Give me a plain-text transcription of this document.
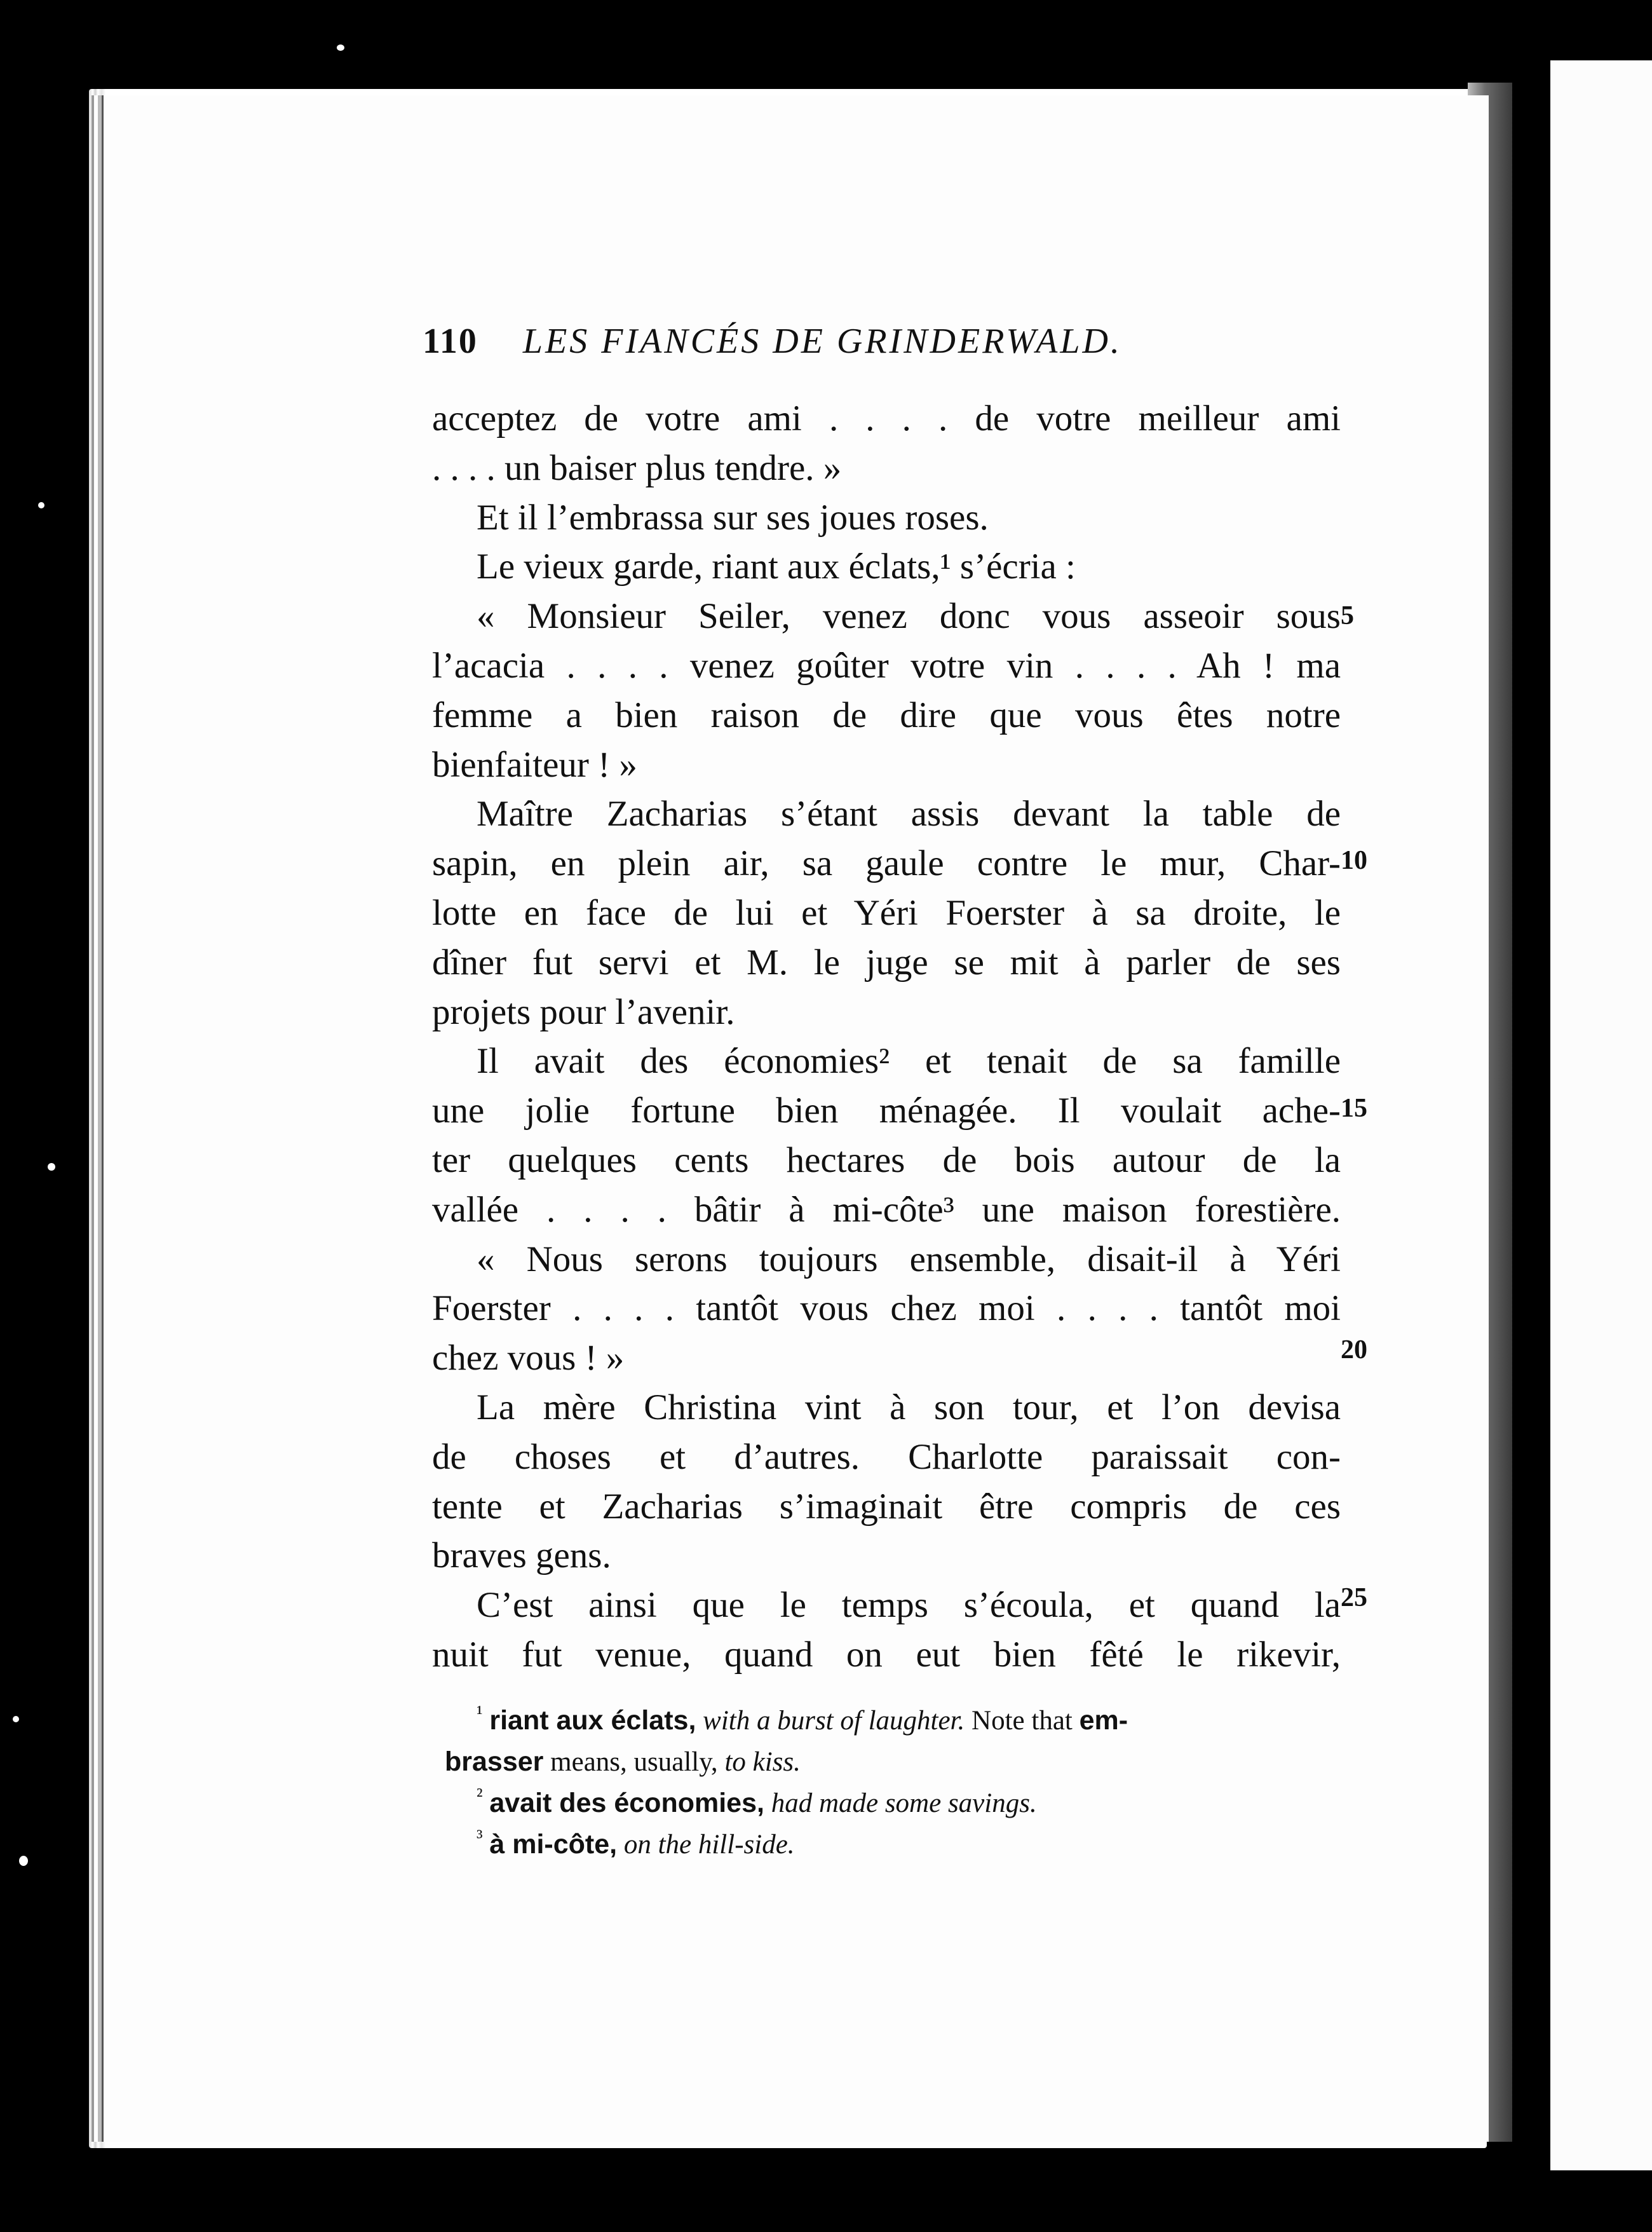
110 LES FIANCÉS DE GRINDERWALD.
acceptez de votre ami . . . . de votre meilleur ami
. . . . un baiser plus tendre. »
Et il l’embrassa sur ses joues roses.
Le vieux garde, riant aux éclats,¹ s’écria :
« Monsieur Seiler, venez donc vous asseoir sous
l’acacia . . . . venez goûter votre vin . . . . Ah ! ma
femme a bien raison de dire que vous êtes notre
bienfaiteur ! »
Maître Zacharias s’étant assis devant la table de
sapin, en plein air, sa gaule contre le mur, Char-
lotte en face de lui et Yéri Foerster à sa droite, le
dîner fut servi et M. le juge se mit à parler de ses
projets pour l’avenir.
Il avait des économies² et tenait de sa famille
une jolie fortune bien ménagée. Il voulait ache-
ter quelques cents hectares de bois autour de la
vallée . . . . bâtir à mi-côte³ une maison forestière.
« Nous serons toujours ensemble, disait-il à Yéri
Foerster . . . . tantôt vous chez moi . . . . tantôt moi
chez vous ! »
La mère Christina vint à son tour, et l’on devisa
de choses et d’autres. Charlotte paraissait con-
tente et Zacharias s’imaginait être compris de ces
braves gens.
C’est ainsi que le temps s’écoula, et quand la
nuit fut venue, quand on eut bien fêté le rikevir,
5
10
15
20
25
$^{^1}$ riant aux éclats, with a burst of laughter. Note that em-
brasser means, usually, to kiss.
$^{^2}$ avait des économies, had made some savings.
$^{^3}$ à mi-côte, on the hill-side.
